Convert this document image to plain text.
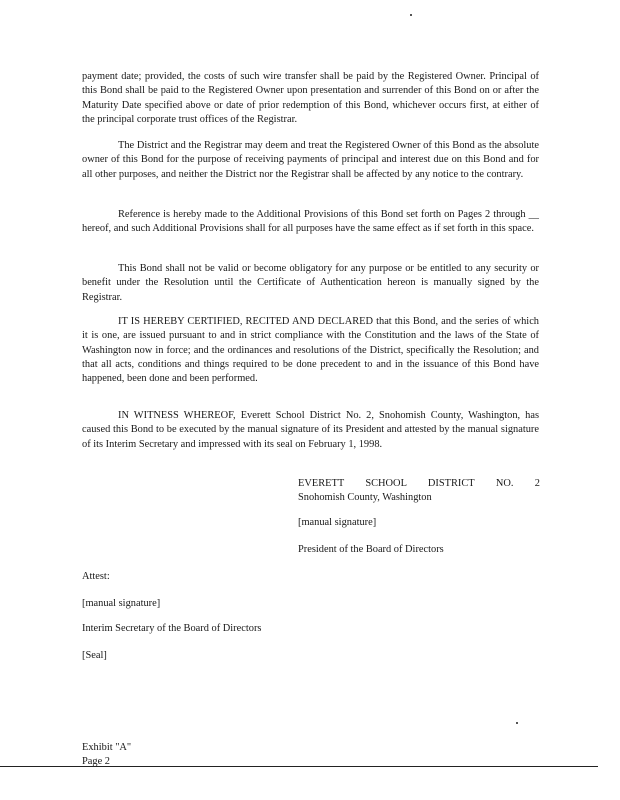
payment date; provided, the costs of such wire transfer shall be paid by the Registered Owner. Principal of this Bond shall be paid to the Registered Owner upon presentation and surrender of this Bond on or after the Maturity Date specified above or date of prior redemption of this Bond, whichever occurs first, at either of the principal corporate trust offices of the Registrar.

The District and the Registrar may deem and treat the Registered Owner of this Bond as the absolute owner of this Bond for the purpose of receiving payments of principal and interest due on this Bond and for all other purposes, and neither the District nor the Registrar shall be affected by any notice to the contrary.

Reference is hereby made to the Additional Provisions of this Bond set forth on Pages 2 through __ hereof, and such Additional Provisions shall for all purposes have the same effect as if set forth in this space.

This Bond shall not be valid or become obligatory for any purpose or be entitled to any security or benefit under the Resolution until the Certificate of Authentication hereon is manually signed by the Registrar.

IT IS HEREBY CERTIFIED, RECITED AND DECLARED that this Bond, and the series of which it is one, are issued pursuant to and in strict compliance with the Constitution and the laws of the State of Washington now in force; and the ordinances and resolutions of the District, specifically the Resolution; and that all acts, conditions and things required to be done precedent to and in the issuance of this Bond have happened, been done and been performed.

IN WITNESS WHEREOF, Everett School District No. 2, Snohomish County, Washington, has caused this Bond to be executed by the manual signature of its President and attested by the manual signature of its Interim Secretary and impressed with its seal on February 1, 1998.

EVERETT SCHOOL DISTRICT NO. 2
Snohomish County, Washington
[manual signature]
President of the Board of Directors
Attest:
[manual signature]
Interim Secretary of the Board of Directors
[Seal]
Exhibit "A"
Page 2
